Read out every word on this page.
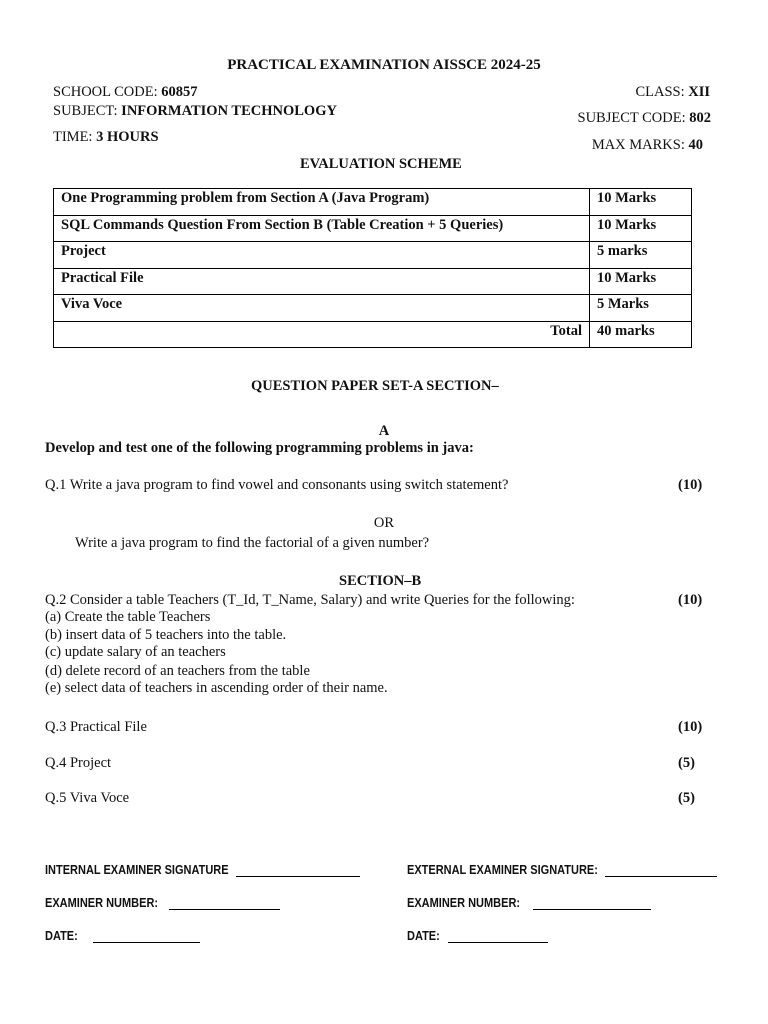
PRACTICAL EXAMINATION AISSCE 2024-25
SCHOOL CODE: 60857
SUBJECT: INFORMATION TECHNOLOGY
TIME: 3 HOURS
CLASS: XII
SUBJECT CODE: 802
MAX MARKS: 40
EVALUATION SCHEME
One Programming problem from Section A (Java Program)	10 Marks
SQL Commands Question From Section B (Table Creation + 5 Queries)	10 Marks
Project	5 marks
Practical File	10 Marks
Viva Voce	5 Marks
Total	40 marks
QUESTION PAPER SET-A SECTION–
A
Develop and test one of the following programming problems in java:
Q.1 Write a java program to find vowel and consonants using switch statement?	(10)
OR
Write a java program to find the factorial of a given number?
SECTION–B
Q.2 Consider a table Teachers (T_Id, T_Name, Salary) and write Queries for the following:	(10)
(a) Create the table Teachers
(b) insert data of 5 teachers into the table.
(c) update salary of an teachers
(d) delete record of an teachers from the table
(e) select data of teachers in ascending order of their name.
Q.3 Practical File	(10)
Q.4 Project	(5)
Q.5 Viva Voce	(5)
INTERNAL EXAMINER SIGNATURE	EXTERNAL EXAMINER SIGNATURE:
EXAMINER NUMBER:	EXAMINER NUMBER:
DATE:	DATE:
